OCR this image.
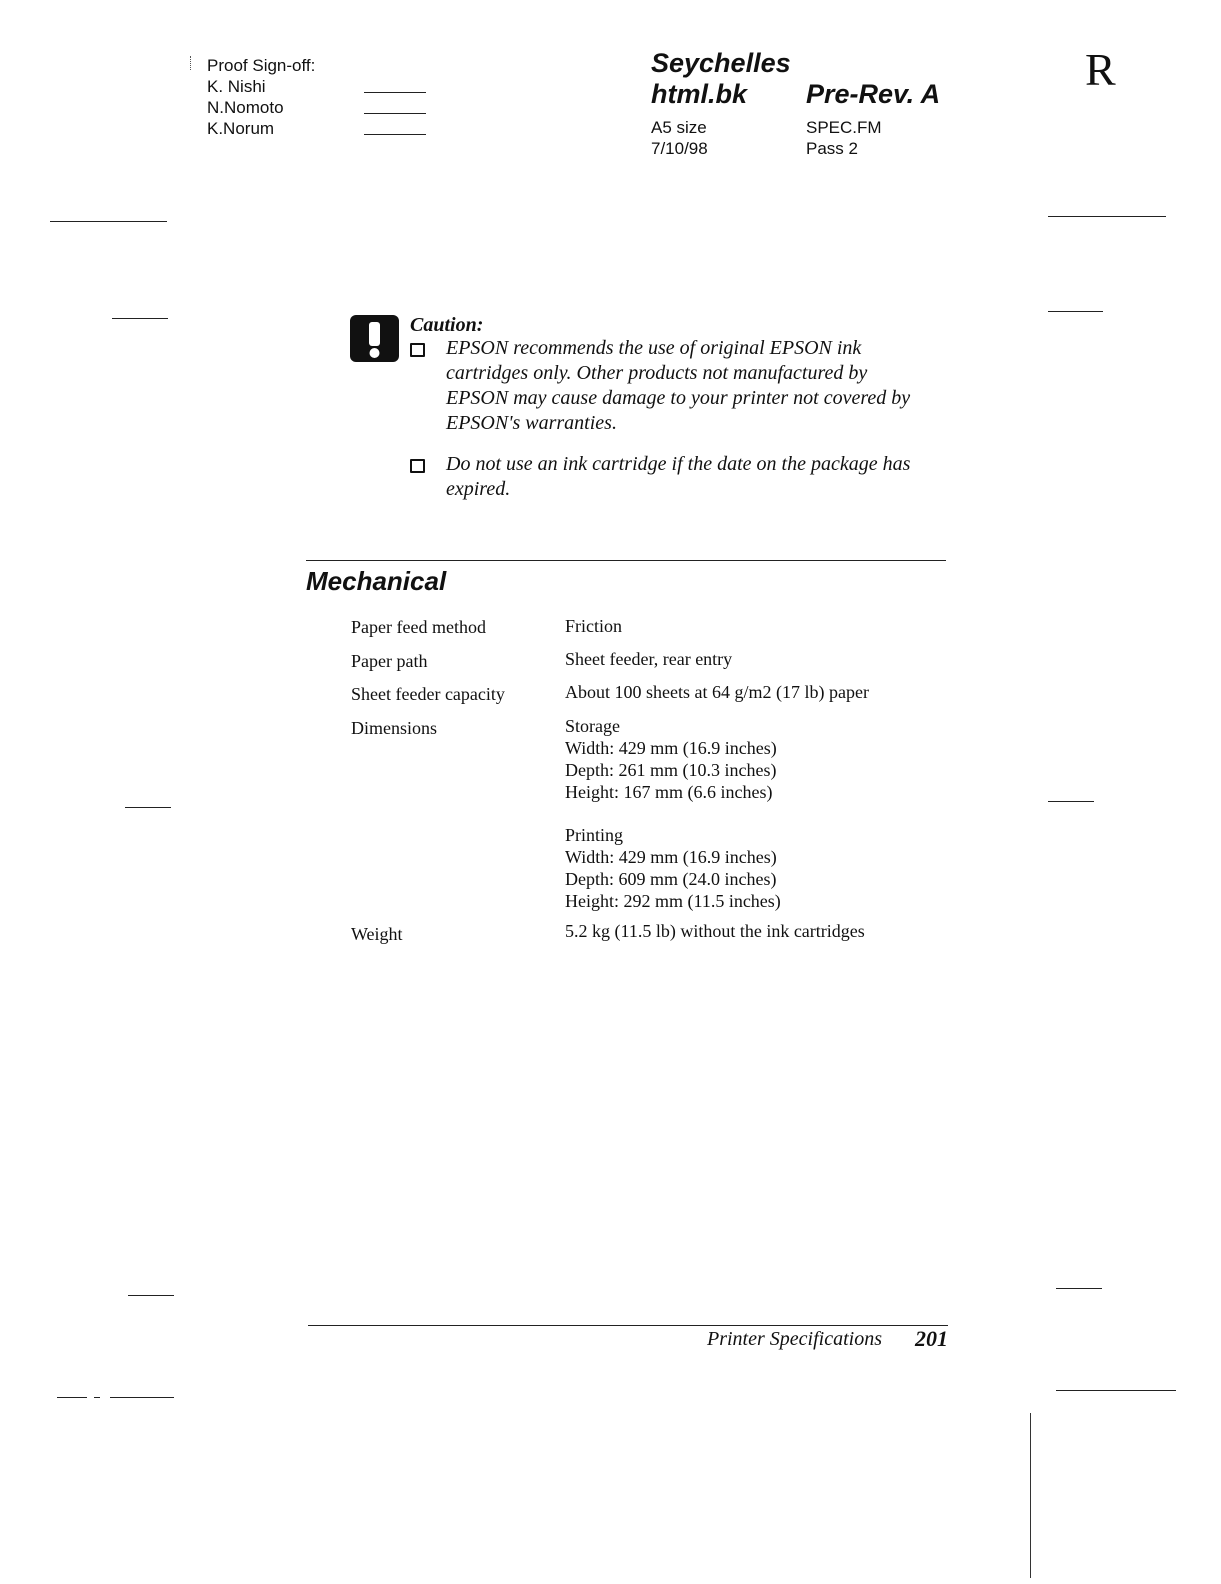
Proof Sign-off:
K. Nishi
N.Nomoto
K.Norum
Seychelles
html.bk	Pre-Rev. A
A5 size
7/10/98
SPEC.FM
Pass 2
R
Caution:
EPSON recommends the use of original EPSON ink
cartridges only. Other products not manufactured by
EPSON may cause damage to your printer not covered by
EPSON's warranties.
Do not use an ink cartridge if the date on the package has
expired.
Mechanical
Paper feed method	Friction
Paper path	Sheet feeder, rear entry
Sheet feeder capacity	About 100 sheets at 64 g/m2 (17 lb) paper
Dimensions	Storage
Width: 429 mm (16.9 inches)
Depth: 261 mm (10.3 inches)
Height: 167 mm (6.6 inches)
Printing
Width: 429 mm (16.9 inches)
Depth: 609 mm (24.0 inches)
Height: 292 mm (11.5 inches)
Weight	5.2 kg (11.5 lb) without the ink cartridges
Printer Specifications 201
